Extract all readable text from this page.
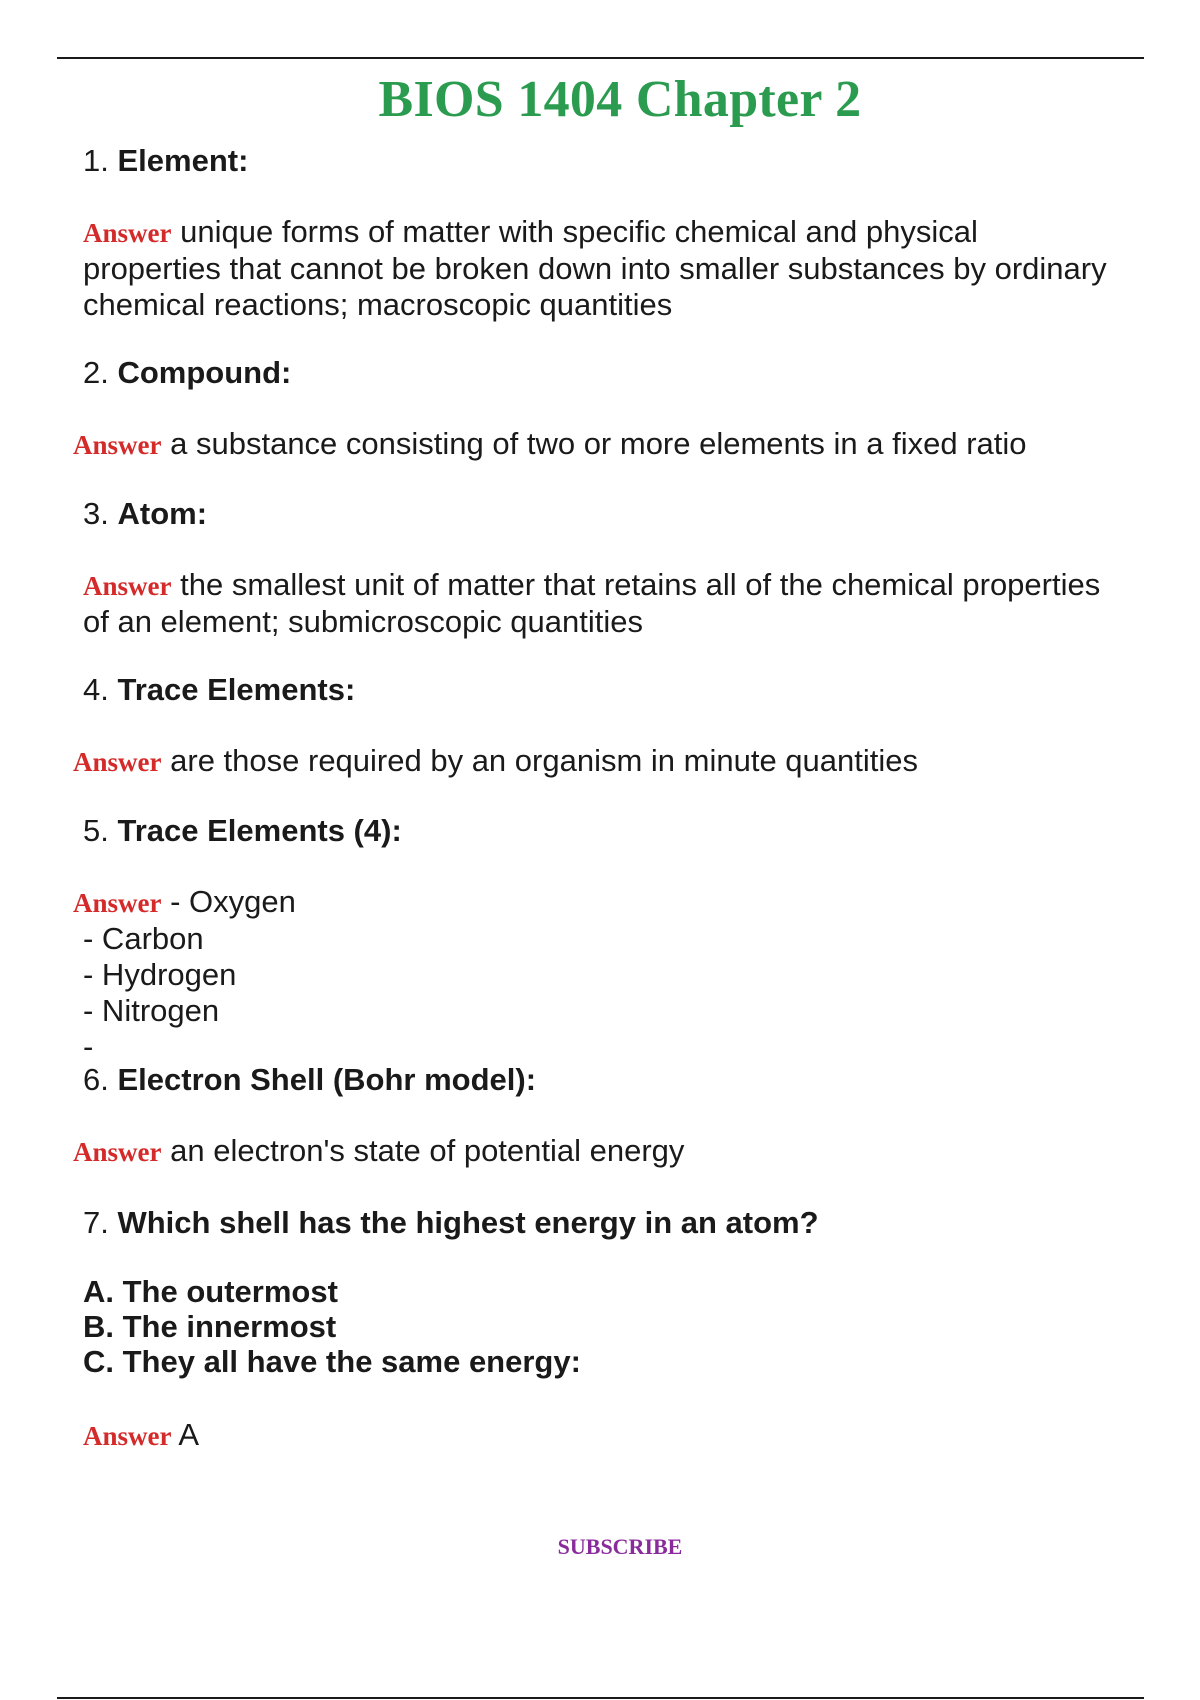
BIOS 1404 Chapter 2
1. Element:
Answer unique forms of matter with specific chemical and physical
properties that cannot be broken down into smaller substances by ordinary
chemical reactions; macroscopic quantities
2. Compound:
Answer a substance consisting of two or more elements in a fixed ratio
3. Atom:
Answer the smallest unit of matter that retains all of the chemical properties
of an element; submicroscopic quantities
4. Trace Elements:
Answer are those required by an organism in minute quantities
5. Trace Elements (4):
Answer - Oxygen
- Carbon
- Hydrogen
- Nitrogen
-
6. Electron Shell (Bohr model):
Answer an electron's state of potential energy
7. Which shell has the highest energy in an atom?
A. The outermost
B. The innermost
C. They all have the same energy:
Answer A
SUBSCRIBE
